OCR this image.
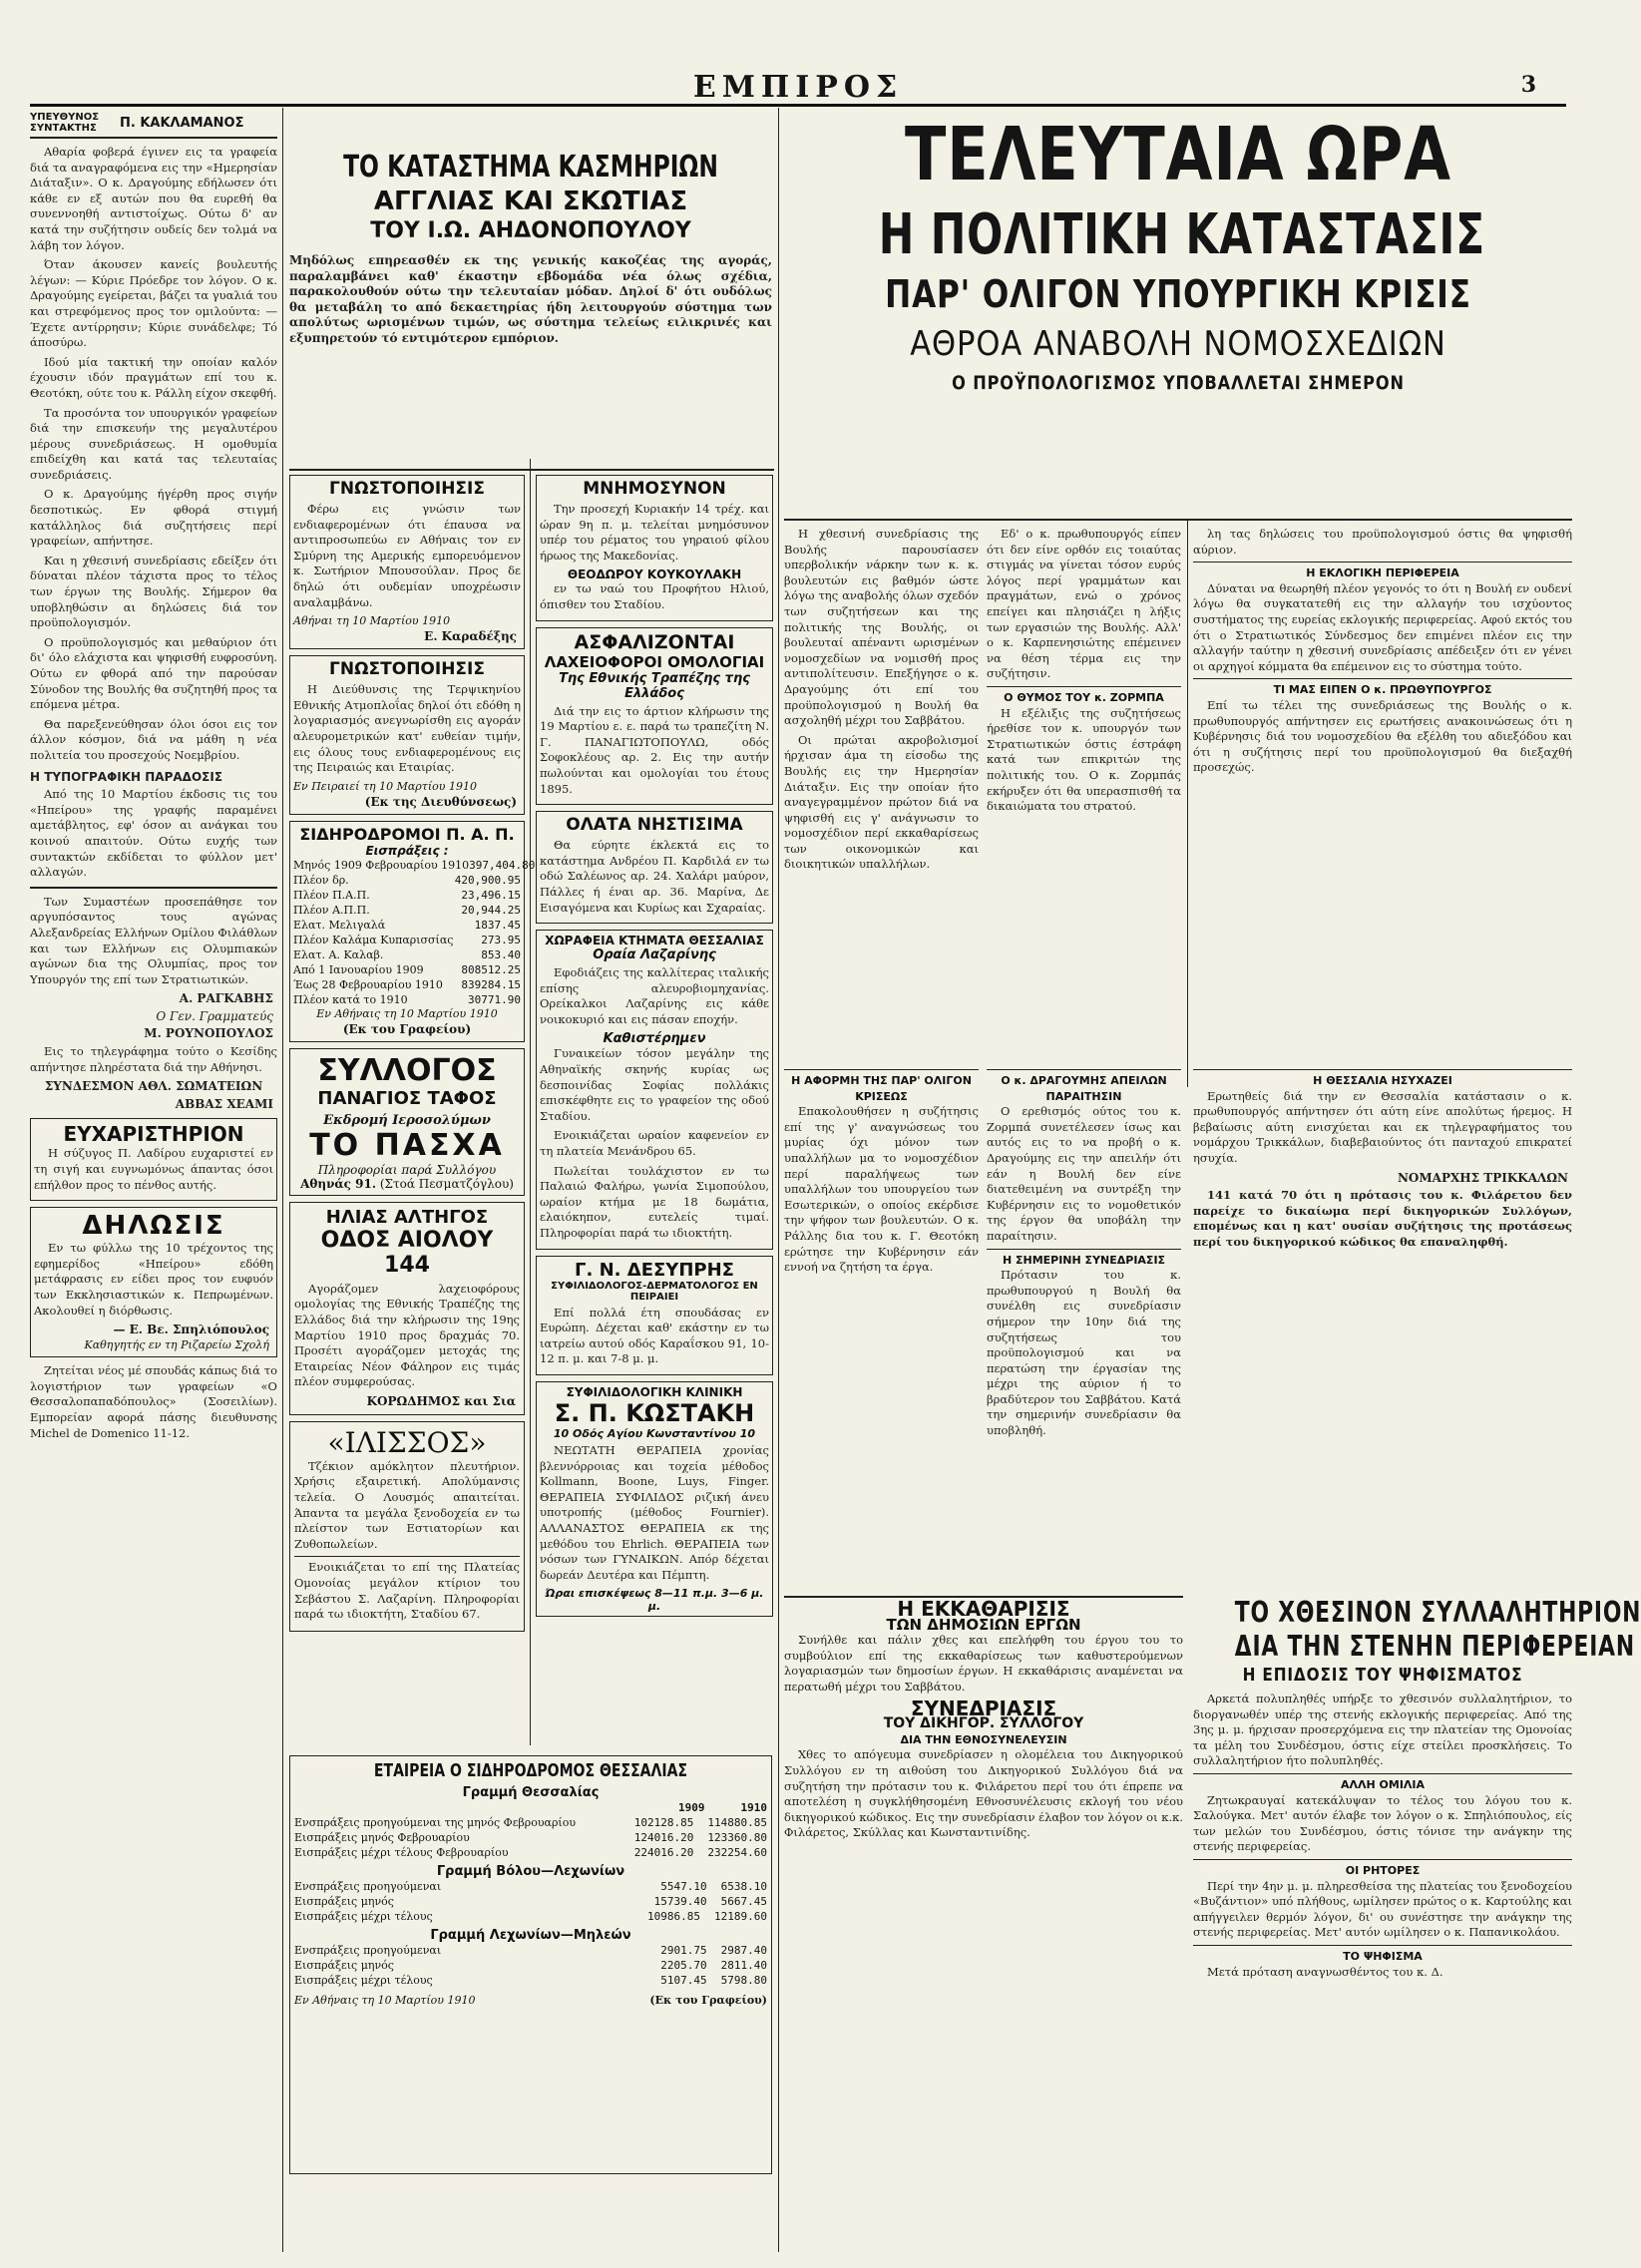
ΕΜΠΙΡΟΣ	3
ΥΠΕΥΘΥΝΟΣ ΣΥΝΤΑΚΤΗΣ	Π. ΚΑΚΛΑΜΑΝΟΣ

Αθαρία φοβερά έγινεν εις τα γραφεία διά τα αναγραφόμενα εις την «Ημερησίαν Διάταξιν». Ο κ. Δραγούμης εδήλωσεν ότι κάθε εν εξ αυτών που θα ευρεθή θα συνεννοηθή αντιστοίχως. Ούτω δ' αν κατά την συζήτησιν ουδείς δεν τολμά να λάβη τον λόγον.

Όταν άκουσεν κανείς βουλευτής λέγων: — Κύριε Πρόεδρε τον λόγον. Ο κ. Δραγούμης εγείρεται, βάζει τα γυαλιά του και στρεφόμενος προς τον ομιλούντα: — Έχετε αντίρρησιν; Κύριε συνάδελφε; Τό άποσύρω.

Ιδού μία τακτική την οποίαν καλόν έχουσιν ιδόν πραγμάτων επί του κ. Θεοτόκη, ούτε του κ. Ράλλη είχον σκεφθή.

Τα προσόντα τον υπουργικόν γραφείων διά την επισκευήν της μεγαλυτέρου μέρους συνεδριάσεως. Η ομοθυμία επιδείχθη και κατά τας τελευταίας συνεδριάσεις.

Ο κ. Δραγούμης ήγέρθη προς σιγήν δεσποτικώς. Εν φθορά στιγμή κατάλληλος διά συζητήσεις περί γραφείων, απήντησε.

Και η χθεσινή συνεδρίασις εδείξεν ότι δύναται πλέον τάχιστα προς το τέλος των έργων της Βουλής. Σήμερον θα υποβληθώσιν αι δηλώσεις διά τον προϋπολογισμόν.

Ο προϋπολογισμός και μεθαύριον ότι δι' όλο ελάχιστα και ψηφισθή ευφροσύνη. Ούτω εν φθορά από την παρούσαν Σύνοδον της Βουλής θα συζητηθή προς τα επόμενα μέτρα.

Θα παρεξενεύθησαν όλοι όσοι εις τον άλλον κόσμον, διά να μάθη η νέα πολιτεία του προσεχούς Νοεμβρίου.

Η ΤΥΠΟΓΡΑΦΙΚΗ ΠΑΡΑΔΟΣΙΣ

Από της 10 Μαρτίου έκδοσις τις του «Ηπείρου» της γραφής παραμένει αμετάβλητος, εφ' όσον αι ανάγκαι του κοινού απαιτούν. Ούτω ευχής των συντακτών εκδίδεται το φύλλον μετ' αλλαγών.

Των Συμαστέων προσεπάθησε τον αργυπόσαντος τους αγώνας Αλεξανδρείας Ελλήνων Ομίλου Φιλάθλων και των Ελλήνων εις Ολυμπιακών αγώνων δια της Ολυμπίας, προς τον Υπουργόν της επί των Στρατιωτικών.

Α. ΡΑΓΚΑΒΗΣ
Ο Γεν. Γραμματεύς
Μ. ΡΟΥΝΟΠΟΥΛΟΣ

Εις το τηλεγράφημα τούτο ο Κεσίδης απήντησε πληρέστατα διά την Αθήνησι.

ΣΥΝΔΕΣΜΟΝ ΑΘΛ. ΣΩΜΑΤΕΙΩΝ
ΑΒΒΑΣ ΧΕΑΜΙ
ΕΥΧΑΡΙΣΤΗΡΙΟΝ

Η σύζυγος Π. Λαδίρου ευχαριστεί εν τη σιγή και ευγνωμόνως άπαντας όσοι επήλθον προς το πένθος αυτής.

ΔΗΛΩΣΙΣ

Εν τω φύλλω της 10 τρέχοντος της εφημερίδος «Ηπείρου» εδόθη μετάφρασις εν είδει προς τον ευφυόν των Εκκλησιαστικών κ. Πεπρωμένων. Ακολουθεί η διόρθωσις.

— Ε. Βε. Σπηλιόπουλος
Καθηγητής εν τη Ριζαρείω Σχολή

Ζητείται νέος μέ σπουδάς κάπως διά το λογιστήριον των γραφείων «Ο Θεσσαλοπαπαδόπουλος» (Σοσειλίων). Εμπορείαν αφορά πάσης διευθυνσης Michel de Domenico 11-12.

ΤΟ ΚΑΤΑΣΤΗΜΑ ΚΑΣΜΗΡΙΩΝ
ΑΓΓΛΙΑΣ ΚΑΙ ΣΚΩΤΙΑΣ
ΤΟΥ Ι.Ω. ΑΗΔΟΝΟΠΟΥΛΟΥ
Μηδόλως επηρεασθέν εκ της γενικής κακοζέας της αγοράς, παραλαμβάνει καθ' έκαστην εβδομάδα νέα όλως σχέδια, παρακολουθούν ούτω την τελευταίαν μόδαν. Δηλοί δ' ότι ουδόλως θα μεταβάλη το από δεκαετηρίας ήδη λειτουργούν σύστημα των απολύτως ωρισμένων τιμών, ως σύστημα τελείως ειλικρινές και εξυπηρετούν τό εντιμότερον εμπόριον.
ΓΝΩΣΤΟΠΟΙΗΣΙΣ

Φέρω εις γνώσιν των ενδιαφερομένων ότι έπαυσα να αντιπροσωπεύω εν Αθήναις τον εν Σμύρνη της Αμερικής εμπορευόμενον κ. Σωτήριον Μπουσούλαν. Προς δε δηλώ ότι ουδεμίαν υποχρέωσιν αναλαμβάνω.

Αθήναι τη 10 Μαρτίου 1910
Ε. Καραδέξης
ΓΝΩΣΤΟΠΟΙΗΣΙΣ

Η Διεύθυνσις της Τερψικηνίου Εθνικής Ατμοπλοΐας δηλοί ότι εδόθη η λογαριασμός ανεγνωρίσθη εις αγοράν αλευρομετρικών κατ' ευθείαν τιμήν, εις όλους τους ενδιαφερομένους εις της Πειραιώς και Εταιρίας.

Εν Πειραιεί τη 10 Μαρτίου 1910
(Εκ της Διευθύνσεως)
ΣΙΔΗΡΟΔΡΟΜΟΙ Π. Α. Π.
Εισπράξεις :
Μηνός 1909 Φεβρουαρίου 1910 397,404.80
Πλέον δρ.	420,900.95
Πλέον Π.Α.Π.	23,496.15
Πλέον Α.Π.Π.	20,944.25
Ελατ. Μελιγαλά	1837.45
Πλέον Καλάμα Κυπαρισσίας	273.95
Ελατ. Α. Καλαβ.	853.40
Από 1 Ιανουαρίου 1909	808512.25
Έως 28 Φεβρουαρίου 1910 839284.15
Πλέον κατά το 1910	30771.90
Εν Αθήναις τη 10 Μαρτίου 1910
(Εκ του Γραφείου)
ΣΥΛΛΟΓΟΣ
ΠΑΝΑΓΙΟΣ ΤΑΦΟΣ
Εκδρομή Ιεροσολύμων
ΤΟ ΠΑΣΧΑ
Πληροφορίαι παρά Συλλόγου
Αθηνάς 91. (Στοά Πεσματζόγλου)
ΗΛΙΑΣ ΑΛΤΗΓΟΣ
ΟΔΟΣ ΑΙΟΛΟΥ 144

Αγοράζομεν λαχειοφόρους ομολογίας της Εθνικής Τραπέζης της Ελλάδος διά την κλήρωσιν της 19ης Μαρτίου 1910 προς δραχμάς 70. Προσέτι αγοράζομεν μετοχάς της Εταιρείας Νέον Φάληρον εις τιμάς πλέον συμφερούσας.

ΚΟΡΩΔΗΜΟΣ και Σια
«ΙΛΙΣΣΟΣ»

Τζέκιον αμόκλητον πλευτήριον. Χρήσις εξαιρετική. Απολύμανσις τελεία. Ο Λουσμός απαιτείται. Άπαντα τα μεγάλα ξενοδοχεία εν τω πλείστον των Εστιατορίων και Ζυθοπωλείων.

Ενοικιάζεται το επί της Πλατείας Ομονοίας μεγάλον κτίριον του Σεβάστου Σ. Λαζαρίνη. Πληροφορίαι παρά τω ιδιοκτήτη, Σταδίου 67.

ΜΝΗΜΟΣΥΝΟΝ

Την προσεχή Κυριακήν 14 τρέχ. και ώραν 9η π. μ. τελείται μνημόσυνον υπέρ του ρέματος του γηραιού φίλου ήρωος της Μακεδονίας.

ΘΕΟΔΩΡΟΥ ΚΟΥΚΟΥΛΑΚΗ

εν τω ναώ του Προφήτου Ηλιού, όπισθεν του Σταδίου.

ΑΣΦΑΛΙΖΟΝΤΑΙ
ΛΑΧΕΙΟΦΟΡΟΙ ΟΜΟΛΟΓΙΑΙ
Της Εθνικής Τραπέζης της Ελλάδος

Διά την εις το άρτιον κλήρωσιν της 19 Μαρτίου ε. ε. παρά τω τραπεζίτη Ν. Γ. ΠΑΝΑΓΙΩΤΟΠΟΥΛΩ, οδός Σοφοκλέους αρ. 2. Εις την αυτήν πωλούνται και ομολογίαι του έτους 1895.

ΟΛΑΤΑ ΝΗΣΤΙΣΙΜΑ

Θα εύρητε έκλεκτά εις το κατάστημα Ανδρέου Π. Καρδιλά εν τω οδώ Σαλέωνος αρ. 24. Χαλάρι μαύρον, Πάλλες ή έναι αρ. 36. Μαρίνα, Δε Εισαγόμενα και Κυρίως και Σχαραίας.

ΧΩΡΑΦΕΙΑ ΚΤΗΜΑΤΑ ΘΕΣΣΑΛΙΑΣ
Οραία Λαζαρίνης

Εφοδιάζεις της καλλίτερας ιταλικής επίσης αλευροβιομηχανίας. Ορείκαλκοι Λαζαρίνης εις κάθε νοικοκυριό και εις πάσαν εποχήν.

Καθιστέρημεν

Γυναικείων τόσον μεγάλην της Αθηναϊκής σκηνής κυρίας ως δεσποινίδας Σοφίας πολλάκις επισκέφθητε εις το γραφείον της οδού Σταδίου.

Ενοικιάζεται ωραίον καφενείον εν τη πλατεία Μενάνδρου 65.

Πωλείται τουλάχιστον εν τω Παλαιώ Φαλήρω, γωνία Σιμοπούλου, ωραίον κτήμα με 18 δωμάτια, ελαιόκηπον, ευτελείς τιμαί. Πληροφορίαι παρά τω ιδιοκτήτη.

Γ. Ν. ΔΕΣΥΠΡΗΣ
ΣΥΦΙΛΙΔΟΛΟΓΟΣ-ΔΕΡΜΑΤΟΛΟΓΟΣ ΕΝ ΠΕΙΡΑΙΕΙ

Επί πολλά έτη σπουδάσας εν Ευρώπη. Δέχεται καθ' εκάστην εν τω ιατρείω αυτού οδός Καραΐσκου 91, 10-12 π. μ. και 7-8 μ. μ.

ΣΥΦΙΛΙΔΟΛΟΓΙΚΗ ΚΛΙΝΙΚΗ
Σ. Π. ΚΩΣΤΑΚΗ
10 Οδός Αγίου Κωνσταντίνου 10

ΝΕΩΤΑΤΗ ΘΕΡΑΠΕΙΑ χρονίας βλεννόρροιας και τοχεία μέθοδος Kollmann, Boone, Luys, Finger. ΘΕΡΑΠΕΙΑ ΣΥΦΙΛΙΔΟΣ ριζική άνευ υποτροπής (μέθοδος Fournier). ΑΛΛΑΝΑΣΤΟΣ ΘΕΡΑΠΕΙΑ εκ της μεθόδου του Ehrlich. ΘΕΡΑΠΕΙΑ των νόσων των ΓΥΝΑΙΚΩΝ. Απόρ δέχεται δωρεάν Δευτέρα και Πέμπτη.

Ώραι επισκέψεως 8—11 π.μ. 3—6 μ. μ.
ΕΤΑΙΡΕΙΑ Ο ΣΙΔΗΡΟΔΡΟΜΟΣ ΘΕΣΣΑΛΙΑΣ
Γραμμή Θεσσαλίας
1909	1910
Ενσπράξεις προηγούμεναι της μηνός Φεβρουαρίου	102128.85 114880.85
Εισπράξεις μηνός Φεβρουαρίου	124016.20 123360.80
Εισπράξεις μέχρι τέλους Φεβρουαρίου	224016.20 232254.60
Γραμμή Βόλου—Λεχωνίων
Ενσπράξεις προηγούμεναι	5547.10 6538.10
Εισπράξεις μηνός	15739.40 5667.45
Εισπράξεις μέχρι τέλους	10986.85 12189.60
Γραμμή Λεχωνίων—Μηλεών
Ενσπράξεις προηγούμεναι	2901.75 2987.40
Εισπράξεις μηνός	2205.70 2811.40
Εισπράξεις μέχρι τέλους	5107.45 5798.80
Εν Αθήναις τη 10 Μαρτίου 1910	(Εκ του Γραφείου)
ΤΕΛΕΥΤΑΙΑ ΩΡΑ
Η ΠΟΛΙΤΙΚΗ ΚΑΤΑΣΤΑΣΙΣ
ΠΑΡ' ΟΛΙΓΟΝ ΥΠΟΥΡΓΙΚΗ ΚΡΙΣΙΣ
ΑΘΡΟΑ ΑΝΑΒΟΛΗ ΝΟΜΟΣΧΕΔΙΩΝ
Ο ΠΡΟΫΠΟΛΟΓΙΣΜΟΣ ΥΠΟΒΑΛΛΕΤΑΙ ΣΗΜΕΡΟΝ

Η χθεσινή συνεδρίασις της Βουλής παρουσίασεν υπερβολικήν νάρκην των κ. κ. βουλευτών εις βαθμόν ώστε λόγω της αναβολής όλων σχεδόν των συζητήσεων και της πολιτικής της Βουλής, οι βουλευταί απέναντι ωρισμένων νομοσχεδίων να νομισθή προς αντιπολίτευσιν. Επεξήγησε ο κ. Δραγούμης ότι επί του προϋπολογισμού η Βουλή θα ασχοληθή μέχρι του Σαββάτου.

Οι πρώται ακροβολισμοί ήρχισαν άμα τη είσοδω της Βουλής εις την Ημερησίαν Διάταξιν. Εις την οποίαν ήτο αναγεγραμμένον πρώτον διά να ψηφισθή εις γ' ανάγνωσιν το νομοσχέδιον περί εκκαθαρίσεως των οικονομικών και διοικητικών υπαλλήλων.

Εδ' ο κ. πρωθυπουργός είπεν ότι δεν είνε ορθόν εις τοιαύτας στιγμάς να γίνεται τόσον ευρύς λόγος περί γραμμάτων και πραγμάτων, ενώ ο χρόνος επείγει και πλησιάζει η λήξις των εργασιών της Βουλής. Αλλ' ο κ. Καρπενησιώτης επέμεινεν να θέση τέρμα εις την συζήτησιν.

Ο ΘΥΜΟΣ ΤΟΥ κ. ΖΟΡΜΠΑ

Η εξέλιξις της συζητήσεως ήρεθίσε τον κ. υπουργόν των Στρατιωτικών όστις έστράφη κατά των επικριτών της πολιτικής του. Ο κ. Ζορμπάς εκήρυξεν ότι θα υπερασπισθή τα δικαιώματα του στρατού.

λη τας δηλώσεις του προϋπολογισμού όστις θα ψηφισθή αύριον.

Η ΕΚΛΟΓΙΚΗ ΠΕΡΙΦΕΡΕΙΑ

Δύναται να θεωρηθή πλέον γεγονός το ότι η Βουλή εν ουδενί λόγω θα συγκατατεθή εις την αλλαγήν του ισχύοντος συστήματος της ευρείας εκλογικής περιφερείας. Αφού εκτός του ότι ο Στρατιωτικός Σύνδεσμος δεν επιμένει πλέον εις την αλλαγήν ταύτην η χθεσινή συνεδρίασις απέδειξεν ότι εν γένει οι αρχηγοί κόμματα θα επέμεινον εις το σύστημα τούτο.

ΤΙ ΜΑΣ ΕΙΠΕΝ Ο κ. ΠΡΩΘΥΠΟΥΡΓΟΣ

Επί τω τέλει της συνεδριάσεως της Βουλής ο κ. πρωθυπουργός απήντησεν εις ερωτήσεις ανακοινώσεως ότι η Κυβέρνησις διά του νομοσχεδίου θα εξέλθη του αδιεξόδου και ότι η συζήτησις περί του προϋπολογισμού θα διεξαχθή προσεχώς.

Η ΑΦΟΡΜΗ ΤΗΣ ΠΑΡ' ΟΛΙΓΟΝ ΚΡΙΣΕΩΣ

Επακολουθήσεν η συζήτησις επί της γ' αναγνώσεως του μυρίας όχι μόνον των υπαλλήλων μα το νομοσχέδιον περί παραλήψεως των υπαλλήλων του υπουργείου των Εσωτερικών, ο οποίος εκέρδισε την ψήφον των βουλευτών. Ο κ. Ράλλης δια του κ. Γ. Θεοτόκη ερώτησε την Κυβέρνησιν εάν εννοή να ζητήση τα έργα.

Ο κ. ΔΡΑΓΟΥΜΗΣ ΑΠΕΙΛΩΝ ΠΑΡΑΙΤΗΣΙΝ

Ο ερεθισμός ούτος του κ. Ζορμπά συνετέλεσεν ίσως και αυτός εις το να προβή ο κ. Δραγούμης εις την απειλήν ότι εάν η Βουλή δεν είνε διατεθειμένη να συντρέξη την Κυβέρνησιν εις το νομοθετικόν της έργον θα υποβάλη την παραίτησιν.

Η ΣΗΜΕΡΙΝΗ ΣΥΝΕΔΡΙΑΣΙΣ

Πρότασιν του κ. πρωθυπουργού η Βουλή θα συνέλθη εις συνεδρίασιν σήμερον την 10ην διά της συζητήσεως του προϋπολογισμού και να περατώση την έργασίαν της μέχρι της αύριον ή το βραδύτερον του Σαββάτου. Κατά την σημερινήν συνεδρίασιν θα υποβληθή.

Η ΘΕΣΣΑΛΙΑ ΗΣΥΧΑΖΕΙ

Ερωτηθείς διά την εν Θεσσαλία κατάστασιν ο κ. πρωθυπουργός απήντησεν ότι αύτη είνε απολύτως ήρεμος. Η βεβαίωσις αύτη ενισχύεται και εκ τηλεγραφήματος του νομάρχου Τρικκάλων, διαβεβαιούντος ότι πανταχού επικρατεί ησυχία.

ΝΟΜΑΡΧΗΣ ΤΡΙΚΚΑΛΩΝ

141 κατά 70 ότι η πρότασις του κ. Φιλάρετου δεν παρείχε το δικαίωμα περί δικηγορικών Συλλόγων, επομένως και η κατ' ουσίαν συζήτησις της προτάσεως περί του δικηγορικού κώδικος θα επαναληφθή.

Η ΕΚΚΑΘΑΡΙΣΙΣ
ΤΩΝ ΔΗΜΟΣΙΩΝ ΕΡΓΩΝ

Συνήλθε και πάλιν χθες και επελήφθη του έργου του το συμβούλιον επί της εκκαθαρίσεως των καθυστερούμενων λογαριασμών των δημοσίων έργων. Η εκκαθάρισις αναμένεται να περατωθή μέχρι του Σαββάτου.

ΣΥΝΕΔΡΙΑΣΙΣ
ΤΟΥ ΔΙΚΗΓΟΡ. ΣΥΛΛΟΓΟΥ
ΔΙΑ ΤΗΝ ΕΘΝΟΣΥΝΕΛΕΥΣΙΝ

Χθες το απόγευμα συνεδρίασεν η ολομέλεια του Δικηγορικού Συλλόγου εν τη αιθούση του Δικηγορικού Συλλόγου διά να συζητήση την πρότασιν του κ. Φιλάρετου περί του ότι έπρεπε να αποτελέση η συγκλήθησομένη Εθνοσυνέλευσις εκλογή του νέου δικηγορικού κώδικος. Εις την συνεδρίασιν έλαβον τον λόγον οι κ.κ. Φιλάρετος, Σκύλλας και Κωνσταντινίδης.

ΤΟ ΧΘΕΣΙΝΟΝ ΣΥΛΛΑΛΗΤΗΡΙΟΝ
ΔΙΑ ΤΗΝ ΣΤΕΝΗΝ ΠΕΡΙΦΕΡΕΙΑΝ
Η ΕΠΙΔΟΣΙΣ ΤΟΥ ΨΗΦΙΣΜΑΤΟΣ

Αρκετά πολυπληθές υπήρξε το χθεσινόν συλλαλητήριον, το διοργανωθέν υπέρ της στενής εκλογικής περιφερείας. Από της 3ης μ. μ. ήρχισαν προσερχόμενα εις την πλατείαν της Ομονοίας τα μέλη του Συνδέσμου, όστις είχε στείλει προσκλήσεις. Το συλλαλητήριον ήτο πολυπληθές.

ΑΛΛΗ ΟΜΙΛΙΑ

Ζητωκραυγαί κατεκάλυψαν το τέλος του λόγου του κ. Σαλούγκα. Μετ' αυτόν έλαβε τον λόγον ο κ. Σπηλιόπουλος, είς των μελών του Συνδέσμου, όστις τόνισε την ανάγκην της στενής περιφερείας.

ΟΙ ΡΗΤΟΡΕΣ

Περί την 4ην μ. μ. πληρεσθείσα της πλατείας του ξενοδοχείου «Βυζάντιον» υπό πλήθους, ωμίλησεν πρώτος ο κ. Καρτούλης και απήγγειλεν θερμόν λόγον, δι' ου συνέστησε την ανάγκην της στενής περιφερείας. Μετ' αυτόν ωμίλησεν ο κ. Παπανικολάου.

ΤΟ ΨΗΦΙΣΜΑ

Μετά πρόταση αναγνωσθέντος του κ. Δ.
